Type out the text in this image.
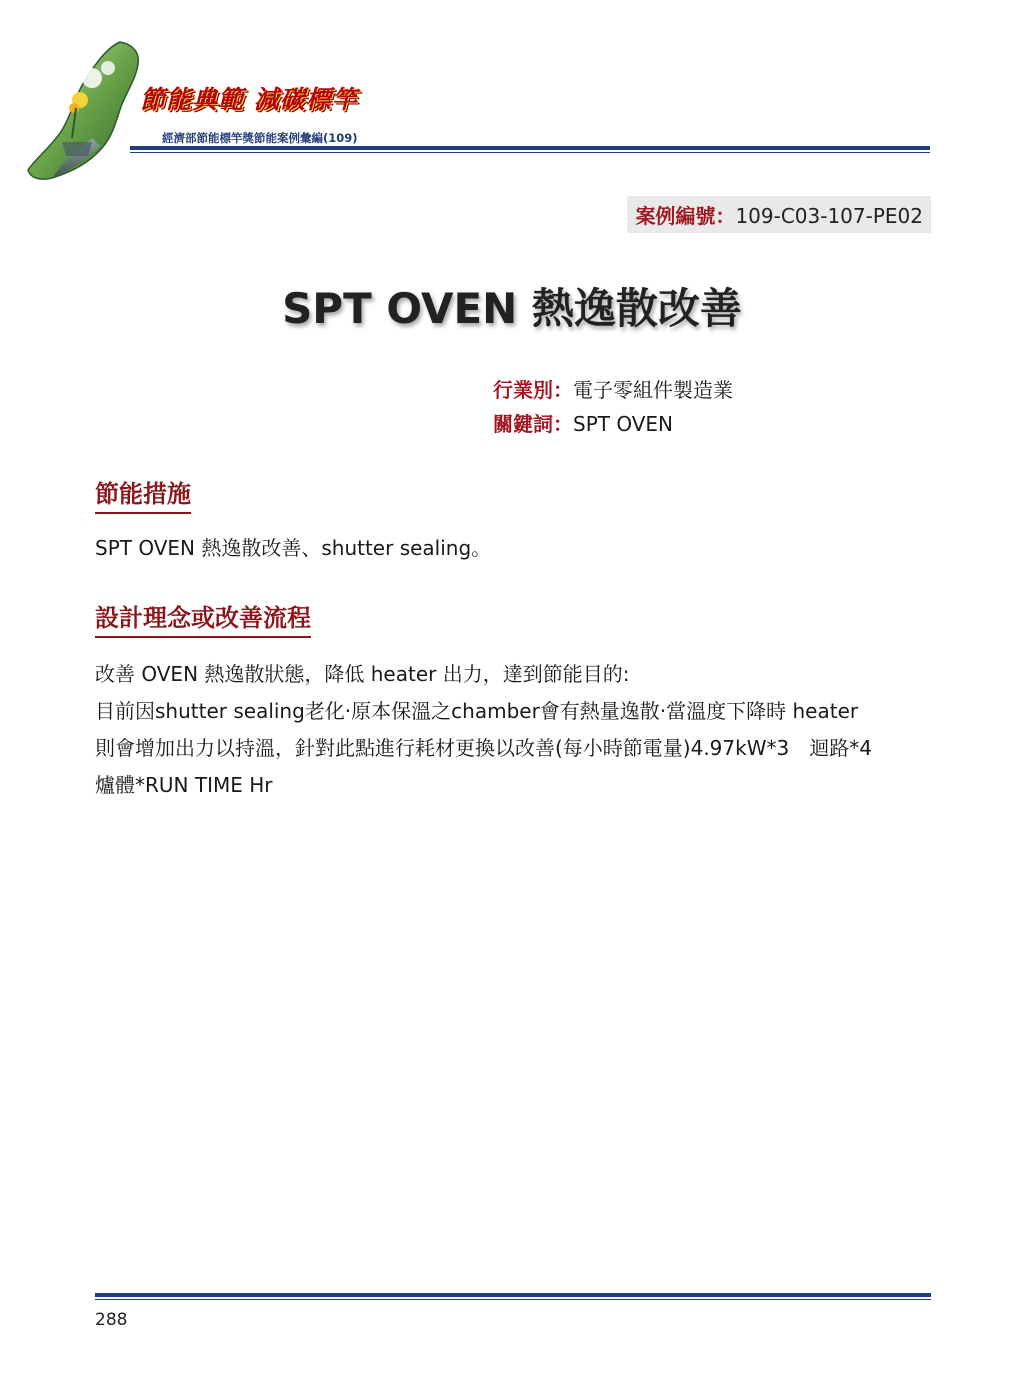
節能典範 減碳標竿
經濟部節能標竿獎節能案例彙編(109)
案例編號：109-C03-107-PE02
SPT OVEN 熱逸散改善
行業別：電子零組件製造業
關鍵詞：SPT OVEN
節能措施
SPT OVEN 熱逸散改善、shutter sealing。
設計理念或改善流程
改善 OVEN 熱逸散狀態，降低 heater 出力，達到節能目的:
目前因shutter sealing老化‧原本保溫之chamber會有熱量逸散‧當溫度下降時 heater
則會增加出力以持溫，針對此點進行耗材更換以改善(每小時節電量)4.97kW*3　迴路*4
爐體*RUN TIME Hr
288
